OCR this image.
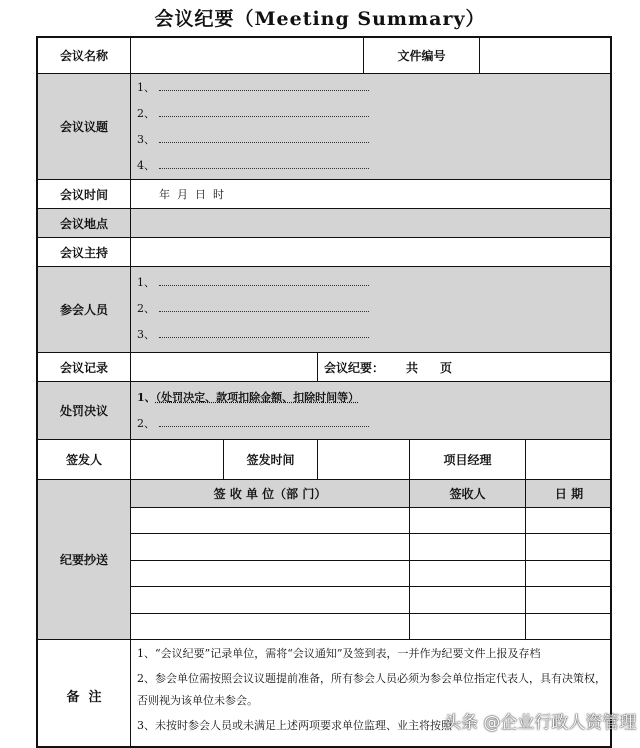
会议纪要（Meeting Summary）
会议名称	文件编号
会议议题
1、
2、
3、
4、
会议时间	年  月  日  时
会议地点
会议主持
参会人员
1、
2、
3、
会议记录	会议纪要： 共 页
处罚决议
1、（处罚决定、款项扣除金额、扣除时间等）
2、
签发人	签发时间	项目经理
纪要抄送
签 收 单 位（部 门）	签收人	日 期
备  注
1、“会议纪要”记录单位，需将“会议通知”及签到表，一并作为纪要文件上报及存档
2、参会单位需按照会议议题提前准备，所有参会人员必须为参会单位指定代表人，具有决策权，否则视为该单位未参会。
3、未按时参会人员或未满足上述两项要求单位监理、业主将按照
头条 @企业行政人资管理
